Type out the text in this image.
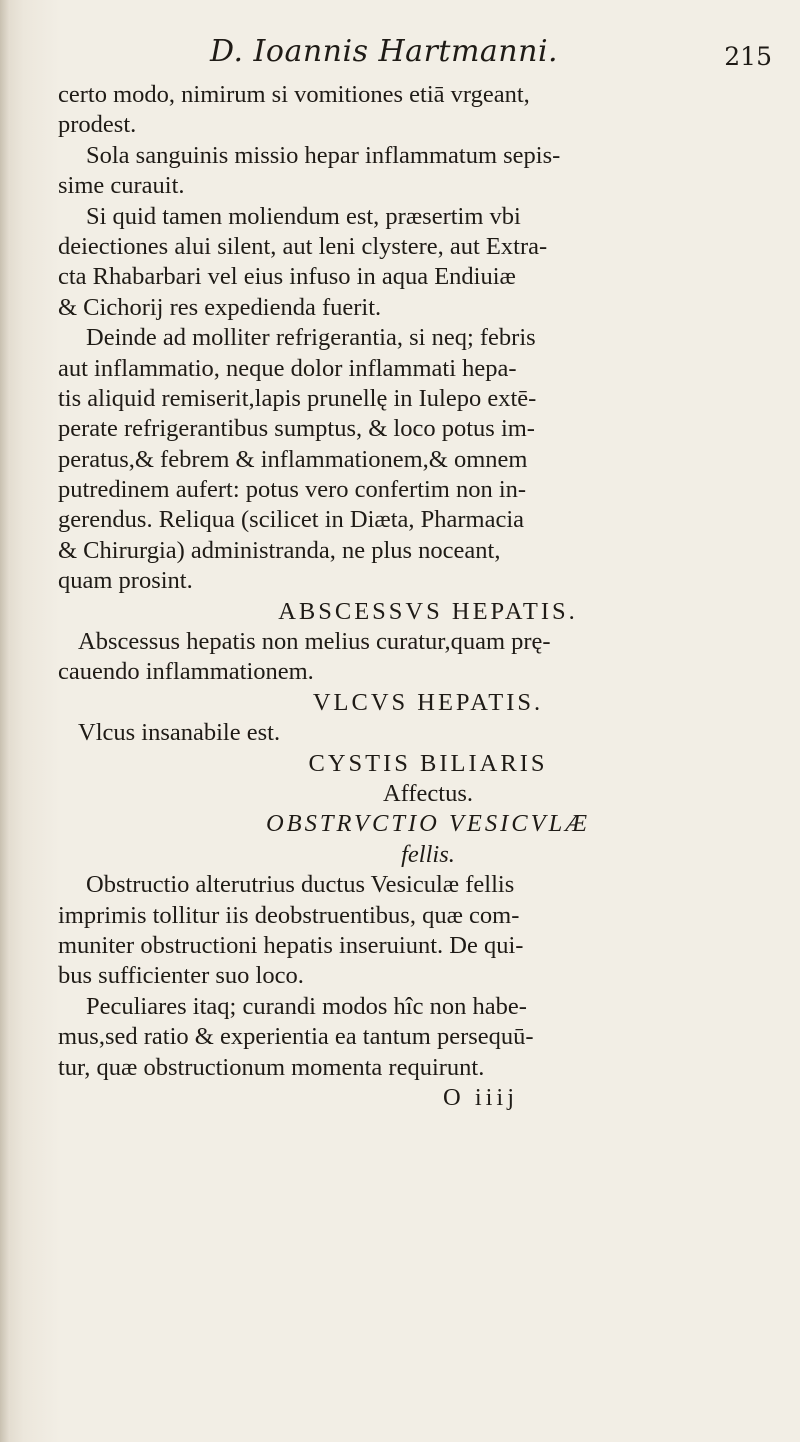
D. Ioannis Hartmanni.	215
certo modo, nimirum si vomitiones etiā vrgeant,
prodest.
Sola sanguinis missio hepar inflammatum sepis-
sime curauit.
Si quid tamen moliendum est, præsertim vbi
deiectiones alui silent, aut leni clystere, aut Extra-
cta Rhabarbari vel eius infuso in aqua Endiuiæ
& Cichorij res expedienda fuerit.
Deinde ad molliter refrigerantia, si neq; febris
aut inflammatio, neque dolor inflammati hepa-
tis aliquid remiserit,lapis prunellę in Iulepo extē-
perate refrigerantibus sumptus, & loco potus im-
peratus,& febrem & inflammationem,& omnem
putredinem aufert: potus vero confertim non in-
gerendus. Reliqua (scilicet in Diæta, Pharmacia
& Chirurgia) administranda, ne plus noceant,
quam prosint.
ABSCESSVS HEPATIS.
Abscessus hepatis non melius curatur,quam prę-
cauendo inflammationem.
VLCVS HEPATIS.
Vlcus insanabile est.
CYSTIS BILIARIS
Affectus.
OBSTRVCTIO VESICVLÆ
fellis.
Obstructio alterutrius ductus Vesiculæ fellis
imprimis tollitur iis deobstruentibus, quæ com-
muniter obstructioni hepatis inseruiunt. De qui-
bus sufficienter suo loco.
Peculiares itaq; curandi modos hîc non habe-
mus,sed ratio & experientia ea tantum persequū-
tur, quæ obstructionum momenta requirunt.
O iiij
